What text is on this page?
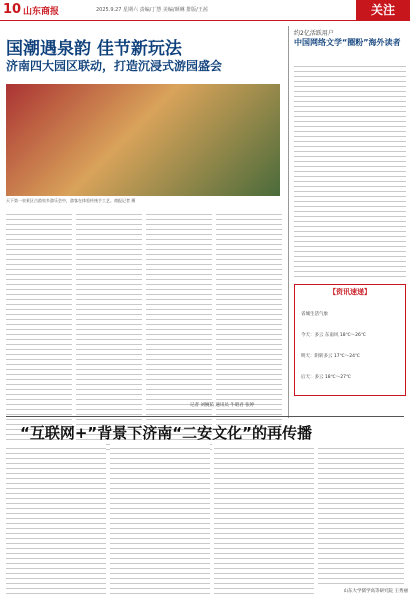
10 山东商报	2025.9.27 星期六 责编/丁慧 美编/颜琳 排版/王茜	关注
国潮遇泉韵 佳节新玩法
济南四大园区联动，打造沉浸式游园盛会
天下第一泉景区古韵泉乡游乐会中，游客在体验传统手工艺。商报记者 摄
约2亿活跃用户
中国网络文学“圈粉”海外读者
【资讯速递】

省城生活气象

今天：多云 东南风 18℃～26℃

明天：阴转多云 17℃～24℃

后天：多云 18℃～27℃

记者 刘婉茹 通讯员 牛昭君 张婷
“互联网+”背景下济南“二安文化”的再传播
山东大学儒学高等研究院 王秀丽
